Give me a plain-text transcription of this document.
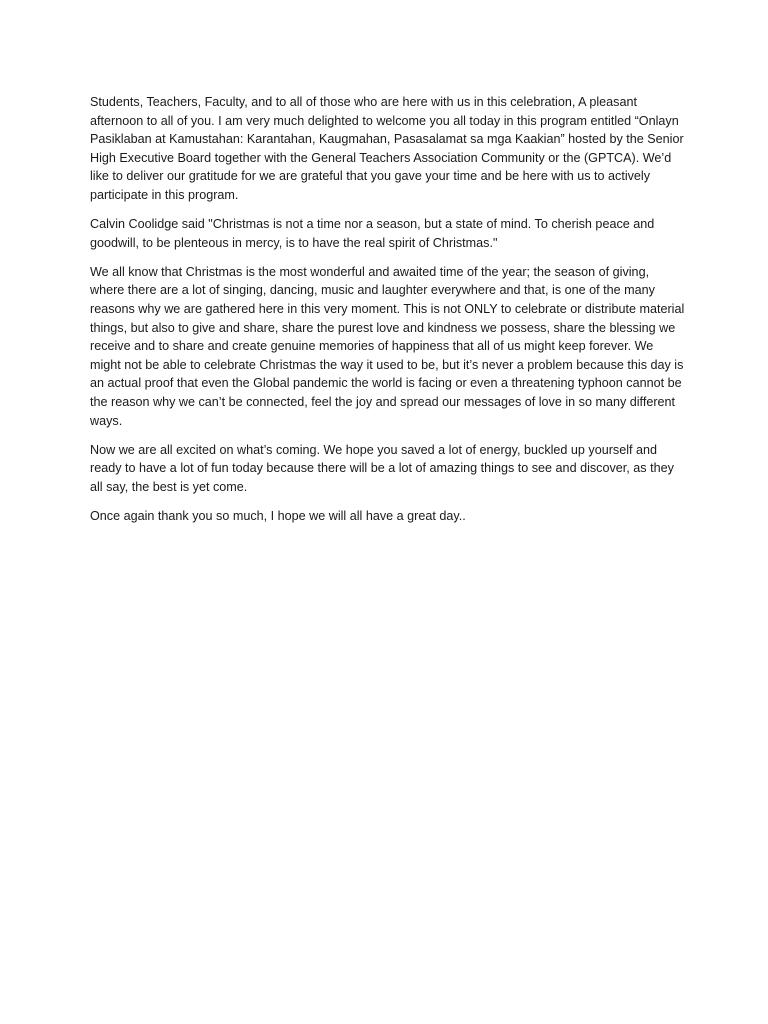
Students, Teachers, Faculty, and to all of those who are here with us in this celebration, A pleasant afternoon to all of you. I am very much delighted to welcome you all today in this program entitled “Onlayn Pasiklaban at Kamustahan: Karantahan, Kaugmahan, Pasasalamat sa mga Kaakian” hosted by the Senior High Executive Board together with the General Teachers Association Community or the (GPTCA). We’d like to deliver our gratitude for we are grateful that you gave your time and be here with us to actively participate in this program.

Calvin Coolidge said "Christmas is not a time nor a season, but a state of mind. To cherish peace and goodwill, to be plenteous in mercy, is to have the real spirit of Christmas."

We all know that Christmas is the most wonderful and awaited time of the year; the season of giving, where there are a lot of singing, dancing, music and laughter everywhere and that, is one of the many reasons why we are gathered here in this very moment. This is not ONLY to celebrate or distribute material things, but also to give and share, share the purest love and kindness we possess, share the blessing we receive and to share and create genuine memories of happiness that all of us might keep forever. We might not be able to celebrate Christmas the way it used to be, but it’s never a problem because this day is an actual proof that even the Global pandemic the world is facing or even a threatening typhoon cannot be the reason why we can’t be connected, feel the joy and spread our messages of love in so many different ways.

Now we are all excited on what’s coming. We hope you saved a lot of energy, buckled up yourself and ready to have a lot of fun today because there will be a lot of amazing things to see and discover, as they all say, the best is yet come.

Once again thank you so much, I hope we will all have a great day..
